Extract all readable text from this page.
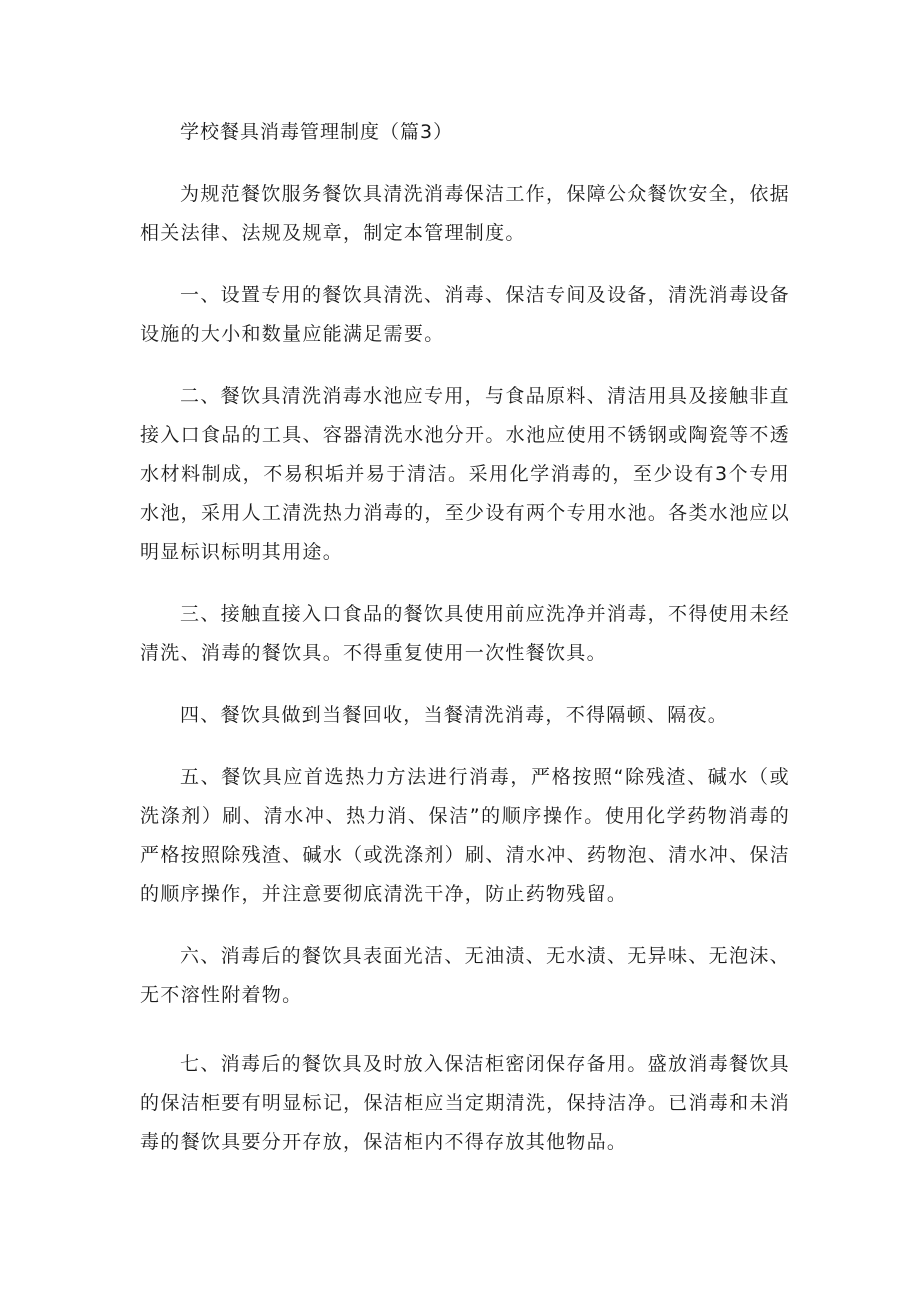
学校餐具消毒管理制度（篇3）

为规范餐饮服务餐饮具清洗消毒保洁工作，保障公众餐饮安全，依据相关法律、法规及规章，制定本管理制度。

一、设置专用的餐饮具清洗、消毒、保洁专间及设备，清洗消毒设备设施的大小和数量应能满足需要。

二、餐饮具清洗消毒水池应专用，与食品原料、清洁用具及接触非直接入口食品的工具、容器清洗水池分开。水池应使用不锈钢或陶瓷等不透水材料制成，不易积垢并易于清洁。采用化学消毒的，至少设有3个专用水池，采用人工清洗热力消毒的，至少设有两个专用水池。各类水池应以明显标识标明其用途。

三、接触直接入口食品的餐饮具使用前应洗净并消毒，不得使用未经清洗、消毒的餐饮具。不得重复使用一次性餐饮具。

四、餐饮具做到当餐回收，当餐清洗消毒，不得隔顿、隔夜。

五、餐饮具应首选热力方法进行消毒，严格按照“除残渣、碱水（或洗涤剂）刷、清水冲、热力消、保洁”的顺序操作。使用化学药物消毒的严格按照除残渣、碱水（或洗涤剂）刷、清水冲、药物泡、清水冲、保洁的顺序操作，并注意要彻底清洗干净，防止药物残留。

六、消毒后的餐饮具表面光洁、无油渍、无水渍、无异味、无泡沫、无不溶性附着物。

七、消毒后的餐饮具及时放入保洁柜密闭保存备用。盛放消毒餐饮具的保洁柜要有明显标记，保洁柜应当定期清洗，保持洁净。已消毒和未消毒的餐饮具要分开存放，保洁柜内不得存放其他物品。
